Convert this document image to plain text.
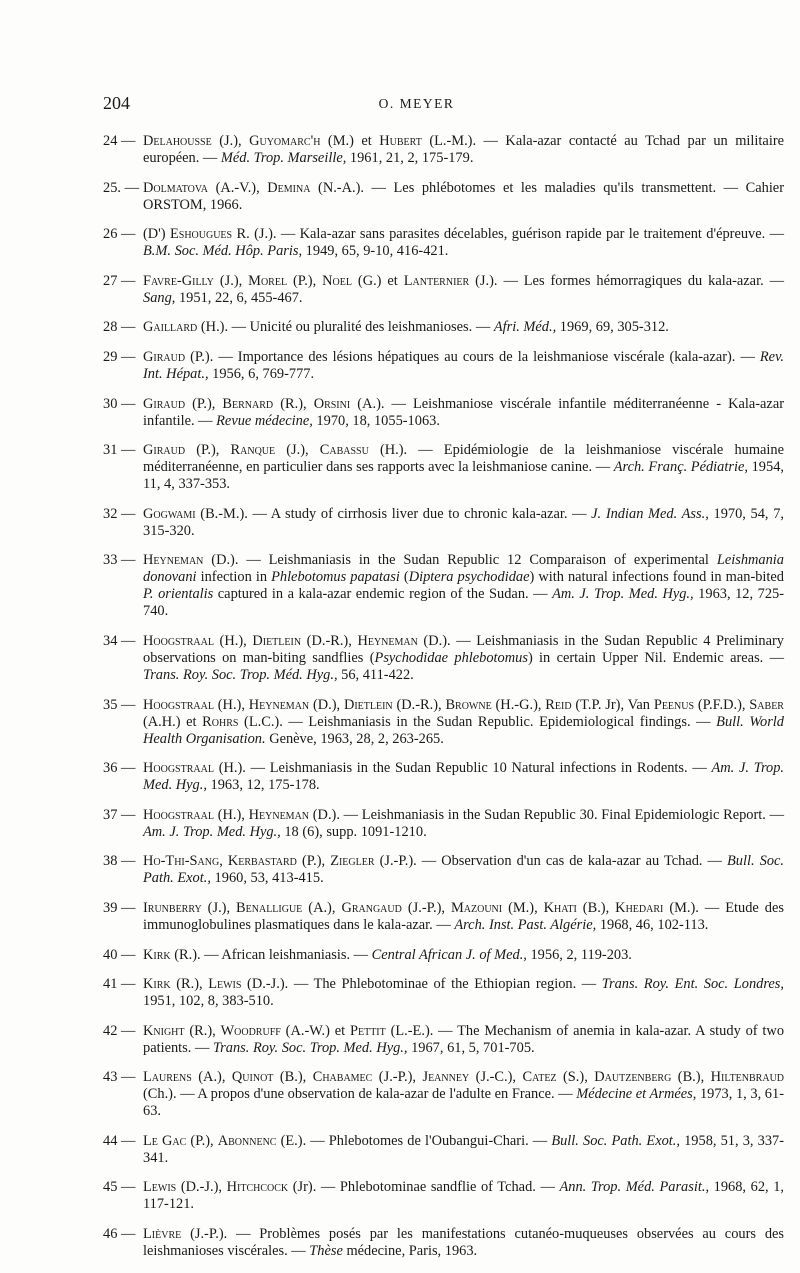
204	O. MEYER
24 — Delahousse (J.), Guyomarc'h (M.) et Hubert (L.-M.). — Kala-azar contacté au Tchad par un militaire européen. — Méd. Trop. Marseille, 1961, 21, 2, 175-179.
25. — Dolmatova (A.-V.), Demina (N.-A.). — Les phlébotomes et les maladies qu'ils transmettent. — Cahier ORSTOM, 1966.
26 — (D') Eshougues R. (J.). — Kala-azar sans parasites décelables, guérison rapide par le traitement d'épreuve. — B.M. Soc. Méd. Hôp. Paris, 1949, 65, 9-10, 416-421.
27 — Favre-Gilly (J.), Morel (P.), Noel (G.) et Lanternier (J.). — Les formes hémorragiques du kala-azar. — Sang, 1951, 22, 6, 455-467.
28 — Gaillard (H.). — Unicité ou pluralité des leishmanioses. — Afri. Méd., 1969, 69, 305-312.
29 — Giraud (P.). — Importance des lésions hépatiques au cours de la leishmaniose viscérale (kala-azar). — Rev. Int. Hépat., 1956, 6, 769-777.
30 — Giraud (P.), Bernard (R.), Orsini (A.). — Leishmaniose viscérale infantile méditerranéenne - Kala-azar infantile. — Revue médecine, 1970, 18, 1055-1063.
31 — Giraud (P.), Ranque (J.), Cabassu (H.). — Epidémiologie de la leishmaniose viscérale humaine méditerranéenne, en particulier dans ses rapports avec la leishmaniose canine. — Arch. Franç. Pédiatrie, 1954, 11, 4, 337-353.
32 — Gogwami (B.-M.). — A study of cirrhosis liver due to chronic kala-azar. — J. Indian Med. Ass., 1970, 54, 7, 315-320.
33 — Heyneman (D.). — Leishmaniasis in the Sudan Republic 12 Comparaison of experimental Leishmania donovani infection in Phlebotomus papatasi (Diptera psychodidae) with natural infections found in man-bited P. orientalis captured in a kala-azar endemic region of the Sudan. — Am. J. Trop. Med. Hyg., 1963, 12, 725-740.
34 — Hoogstraal (H.), Dietlein (D.-R.), Heyneman (D.). — Leishmaniasis in the Sudan Republic 4 Preliminary observations on man-biting sandflies (Psychodidae phlebotomus) in certain Upper Nil. Endemic areas. — Trans. Roy. Soc. Trop. Méd. Hyg., 56, 411-422.
35 — Hoogstraal (H.), Heyneman (D.), Dietlein (D.-R.), Browne (H.-G.), Reid (T.P. Jr), Van Peenus (P.F.D.), Saber (A.H.) et Rohrs (L.C.). — Leishmaniasis in the Sudan Republic. Epidemiological findings. — Bull. World Health Organisation. Genève, 1963, 28, 2, 263-265.
36 — Hoogstraal (H.). — Leishmaniasis in the Sudan Republic 10 Natural infections in Rodents. — Am. J. Trop. Med. Hyg., 1963, 12, 175-178.
37 — Hoogstraal (H.), Heyneman (D.). — Leishmaniasis in the Sudan Republic 30. Final Epidemiologic Report. — Am. J. Trop. Med. Hyg., 18 (6), supp. 1091-1210.
38 — Ho-Thi-Sang, Kerbastard (P.), Ziegler (J.-P.). — Observation d'un cas de kala-azar au Tchad. — Bull. Soc. Path. Exot., 1960, 53, 413-415.
39 — Irunberry (J.), Benalligue (A.), Grangaud (J.-P.), Mazouni (M.), Khati (B.), Khedari (M.). — Etude des immunoglobulines plasmatiques dans le kala-azar. — Arch. Inst. Past. Algérie, 1968, 46, 102-113.
40 — Kirk (R.). — African leishmaniasis. — Central African J. of Med., 1956, 2, 119-203.
41 — Kirk (R.), Lewis (D.-J.). — The Phlebotominae of the Ethiopian region. — Trans. Roy. Ent. Soc. Londres, 1951, 102, 8, 383-510.
42 — Knight (R.), Woodruff (A.-W.) et Pettit (L.-E.). — The Mechanism of anemia in kala-azar. A study of two patients. — Trans. Roy. Soc. Trop. Med. Hyg., 1967, 61, 5, 701-705.
43 — Laurens (A.), Quinot (B.), Chabamec (J.-P.), Jeanney (J.-C.), Catez (S.), Dautzenberg (B.), Hiltenbraud (Ch.). — A propos d'une observation de kala-azar de l'adulte en France. — Médecine et Armées, 1973, 1, 3, 61-63.
44 — Le Gac (P.), Abonnenc (E.). — Phlebotomes de l'Oubangui-Chari. — Bull. Soc. Path. Exot., 1958, 51, 3, 337-341.
45 — Lewis (D.-J.), Hitchcock (Jr). — Phlebotominae sandflie of Tchad. — Ann. Trop. Méd. Parasit., 1968, 62, 1, 117-121.
46 — Lièvre (J.-P.). — Problèmes posés par les manifestations cutanéo-muqueuses observées au cours des leishmanioses viscérales. — Thèse médecine, Paris, 1963.
